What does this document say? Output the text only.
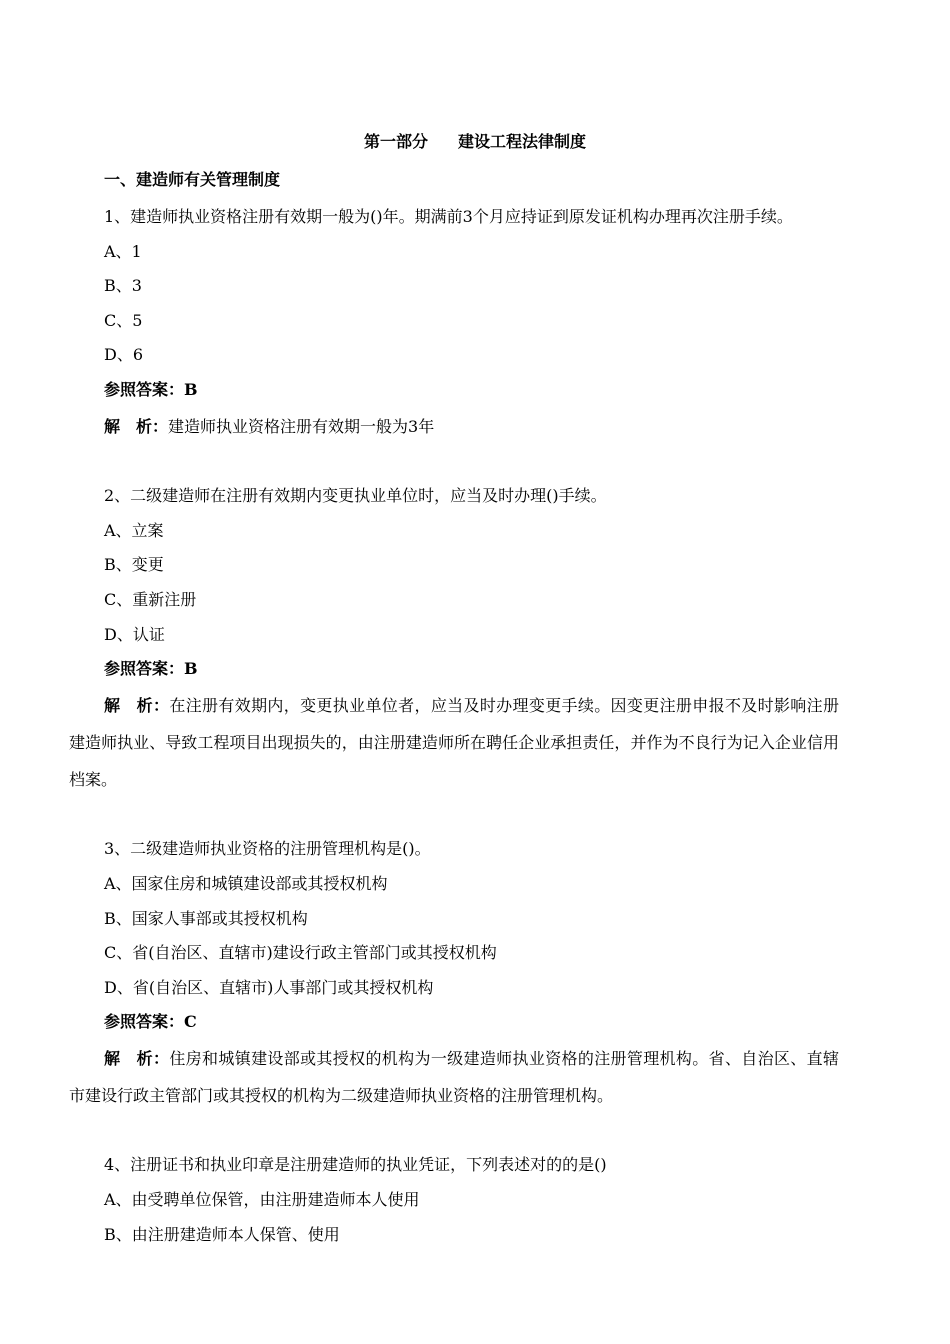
第一部分 建设工程法律制度
一、建造师有关管理制度
1、建造师执业资格注册有效期一般为()年。期满前3个月应持证到原发证机构办理再次注册手续。
A、1
B、3
C、5
D、6
参照答案：B
解　析：建造师执业资格注册有效期一般为3年
2、二级建造师在注册有效期内变更执业单位时，应当及时办理()手续。
A、立案
B、变更
C、重新注册
D、认证
参照答案：B
解　析：在注册有效期内，变更执业单位者，应当及时办理变更手续。因变更注册申报不及时影响注册建造师执业、导致工程项目出现损失的，由注册建造师所在聘任企业承担责任，并作为不良行为记入企业信用档案。
3、二级建造师执业资格的注册管理机构是()。
A、国家住房和城镇建设部或其授权机构
B、国家人事部或其授权机构
C、省(自治区、直辖市)建设行政主管部门或其授权机构
D、省(自治区、直辖市)人事部门或其授权机构
参照答案：C
解　析：住房和城镇建设部或其授权的机构为一级建造师执业资格的注册管理机构。省、自治区、直辖市建设行政主管部门或其授权的机构为二级建造师执业资格的注册管理机构。
4、注册证书和执业印章是注册建造师的执业凭证，下列表述对的的是()
A、由受聘单位保管，由注册建造师本人使用
B、由注册建造师本人保管、使用
